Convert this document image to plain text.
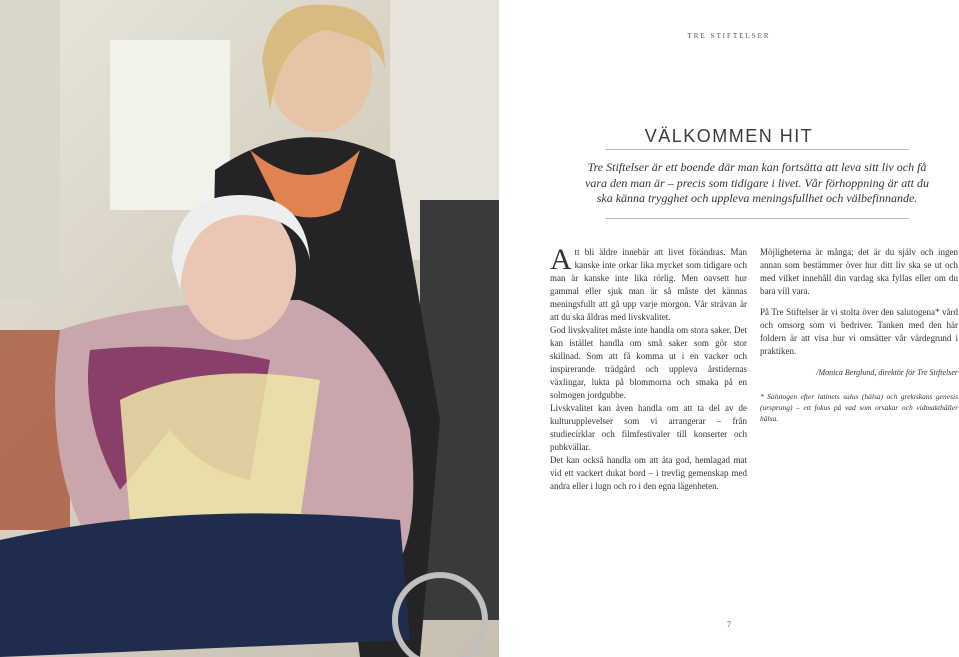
TRE STIFTELSER
VÄLKOMMEN HIT
Tre Stiftelser är ett boende där man kan fortsätta att leva sitt liv och få vara den man är – precis som tidigare i livet. Vår förhoppning är att du ska känna trygghet och uppleva meningsfullhet och välbefinnande.

Att bli äldre innebär att livet förändras. Man kanske inte orkar lika mycket som tidigare och man är kanske inte lika rörlig. Men oavsett hur gammal eller sjuk man är så måste det kännas meningsfullt att gå upp varje morgon. Vår strävan är att du ska åldras med livskvalitet.

God livskvalitet måste inte handla om stora saker. Det kan istället handla om små saker som gör stor skillnad. Som att få komma ut i en vacker och inspirerande trädgård och uppleva årstidernas växlingar, lukta på blommorna och smaka på en solmogen jordgubbe.

Livskvalitet kan även handla om att ta del av de kulturupplevelser som vi arrangerar – från studiecirklar och filmfestivaler till konserter och pubkvällar.

Det kan också handla om att äta god, hemlagad mat vid ett vackert dukat bord – i trevlig gemenskap med andra eller i lugn och ro i den egna lägenheten.

Möjligheterna är många; det är du själv och ingen annan som bestämmer över hur ditt liv ska se ut och med vilket innehåll din vardag ska fyllas eller om du bara vill vara.

På Tre Stiftelser är vi stolta över den salutogena* vård och omsorg som vi bedriver. Tanken med den här foldern är att visa hur vi omsätter vår värdegrund i praktiken.

/Monica Berglund, direktör för Tre Stiftelser

* Salutogen efter latinets salus (hälsa) och grekiskans genesis (ursprung) – ett fokus på vad som orsakar och vidmakthåller hälsa.

7
